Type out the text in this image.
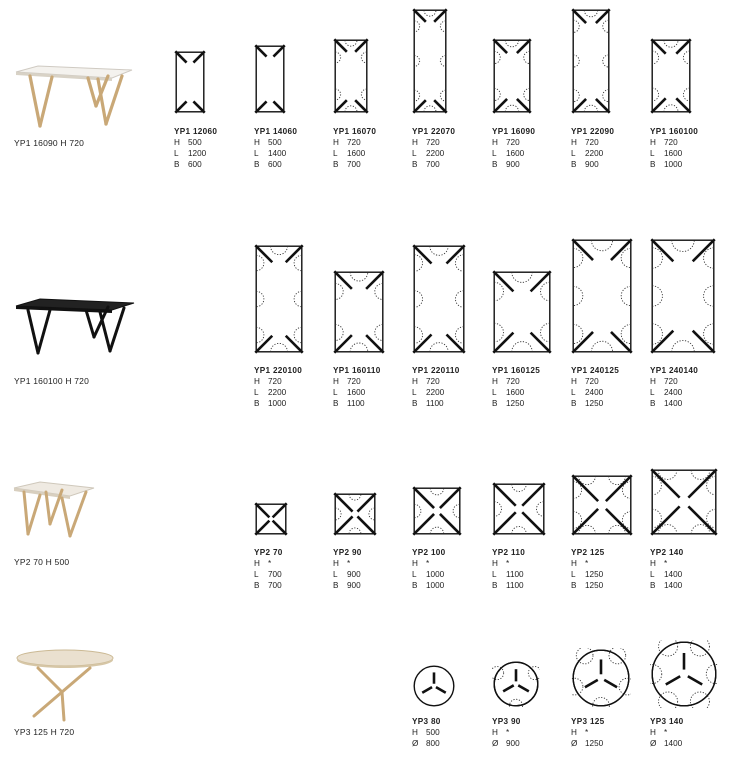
YP1 16090 H 720
YP1 160100 H 720
YP2 70 H 500
YP3 125 H 720
YP1 12060
H 500
L 1200
B 600
YP1 14060
H 500
L 1400
B 600
YP1 16070
H 720
L 1600
B 700
YP1 22070
H 720
L 2200
B 700
YP1 16090
H 720
L 1600
B 900
YP1 22090
H 720
L 2200
B 900
YP1 160100
H 720
L 1600
B 1000
YP1 220100
H 720
L 2200
B 1000
YP1 160110
H 720
L 1600
B 1100
YP1 220110
H 720
L 2200
B 1100
YP1 160125
H 720
L 1600
B 1250
YP1 240125
H 720
L 2400
B 1250
YP1 240140
H 720
L 2400
B 1400
YP2 70
H *
L 700
B 700
YP2 90
H *
L 900
B 900
YP2 100
H *
L 1000
B 1000
YP2 110
H *
L 1100
B 1100
YP2 125
H *
L 1250
B 1250
YP2 140
H *
L 1400
B 1400
YP3 80
H 500
Ø 800
YP3 90
H *
Ø 900
YP3 125
H *
Ø 1250
YP3 140
H *
Ø 1400
